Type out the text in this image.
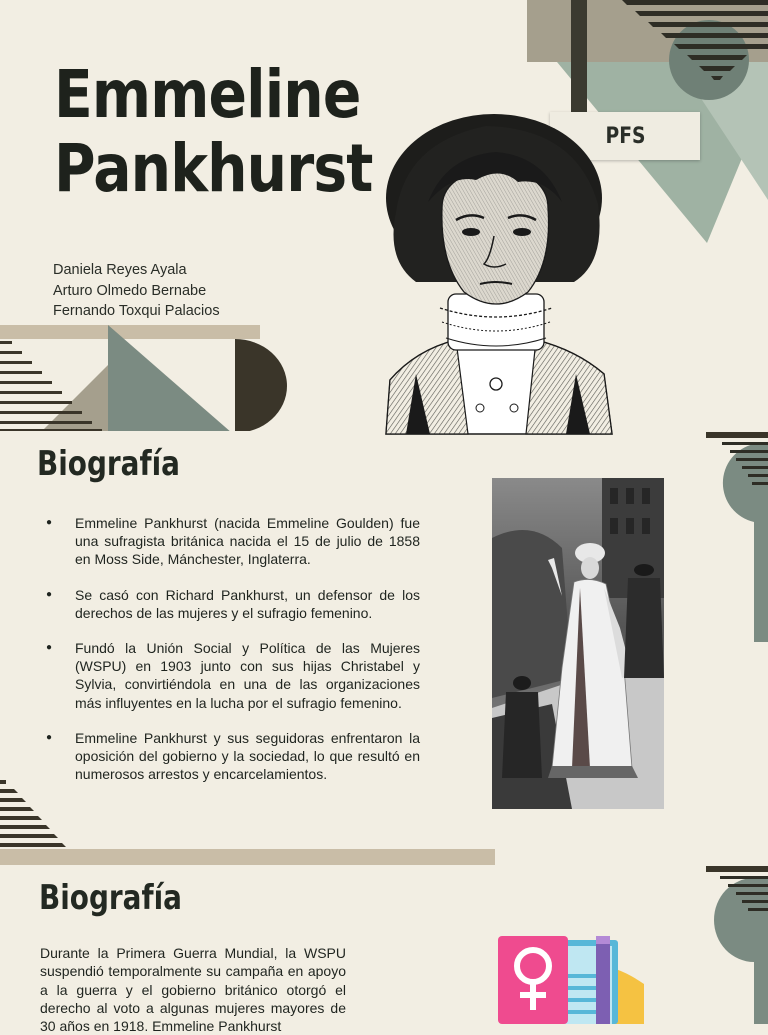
PFS
Emmeline
Pankhurst
Daniela Reyes Ayala
Arturo Olmedo Bernabe
Fernando Toxqui Palacios
Biografía
● Emmeline Pankhurst (nacida Emmeline Goulden) fue una sufragista británica nacida el 15 de julio de 1858 en Moss Side, Mánchester, Inglaterra.
● Se casó con Richard Pankhurst, un defensor de los derechos de las mujeres y el sufragio femenino.
● Fundó la Unión Social y Política de las Mujeres (WSPU) en 1903 junto con sus hijas Christabel y Sylvia, convirtiéndola en una de las organizaciones más influyentes en la lucha por el sufragio femenino.
● Emmeline Pankhurst y sus seguidoras enfrentaron la oposición del gobierno y la sociedad, lo que resultó en numerosos arrestos y encarcelamientos.
Biografía

Durante la Primera Guerra Mundial, la WSPU suspendió temporalmente su campaña en apoyo a la guerra y el gobierno británico otorgó el derecho al voto a algunas mujeres mayores de 30 años en 1918. Emmeline Pankhurst
